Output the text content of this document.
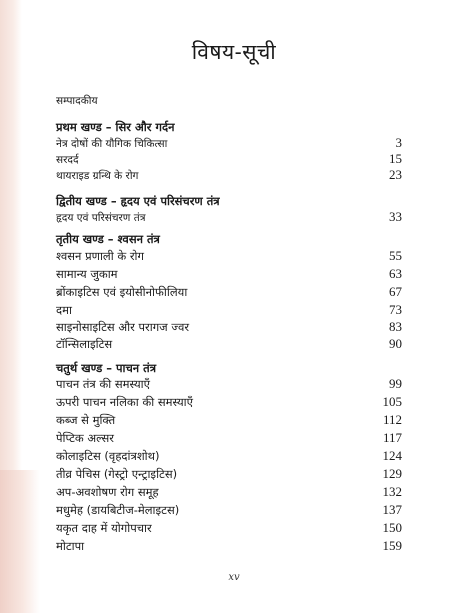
विषय-सूची
सम्पादकीय
प्रथम खण्ड – सिर और गर्दन
नेत्र दोषों की यौगिक चिकित्सा	3
सरदर्द	15
थायराइड ग्रन्थि के रोग	23
द्वितीय खण्ड – हृदय एवं परिसंचरण तंत्र
हृदय एवं परिसंचरण तंत्र	33
तृतीय खण्ड – श्वसन तंत्र
श्वसन प्रणाली के रोग	55
सामान्य जुकाम	63
ब्रोंकाइटिस एवं इयोसीनोफीलिया	67
दमा	73
साइनोसाइटिस और परागज ज्वर	83
टॉन्सिलाइटिस	90
चतुर्थ खण्ड – पाचन तंत्र
पाचन तंत्र की समस्याएँ	99
ऊपरी पाचन नलिका की समस्याएँ	105
कब्ज से मुक्ति	112
पेप्टिक अल्सर	117
कोलाइटिस (वृहदांत्रशोथ)	124
तीव्र पेचिस (गेस्ट्रो एन्ट्राइटिस)	129
अप-अवशोषण रोग समूह	132
मधुमेह (डायबिटीज-मेलाइटस)	137
यकृत दाह में योगोपचार	150
मोटापा	159
xv
